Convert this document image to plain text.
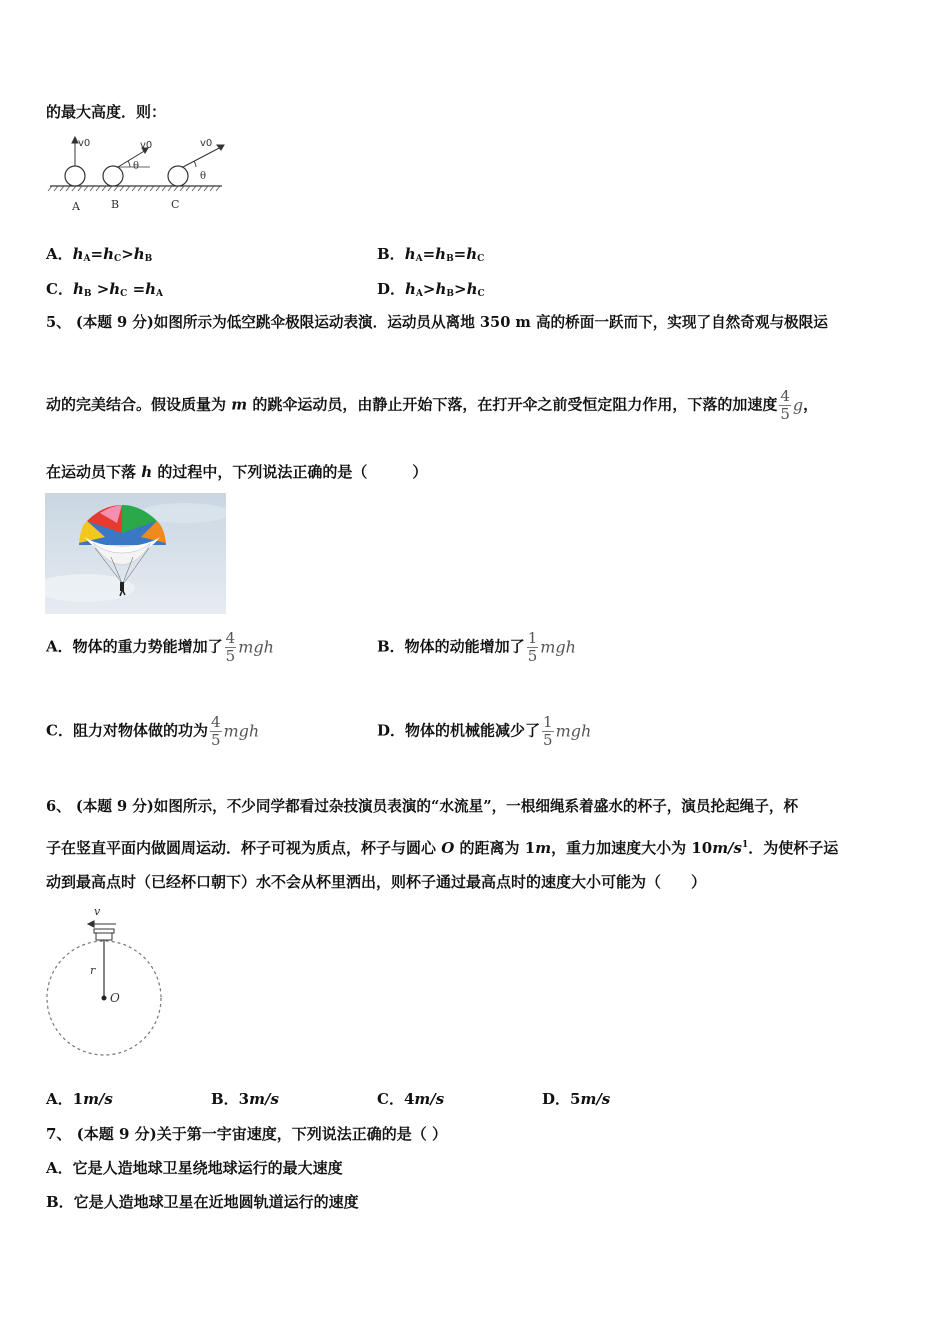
的最大高度．则：
v0	v0	v0
θ
θ
A	B	C
A．$h_A=h_C>h_B$	B．$h_A=h_B=h_C$
C．$h_B >h_C =h_A$	D．$h_A>h_B>h_C$
5、 (本题 9 分)如图所示为低空跳伞极限运动表演．运动员从离地 350 m 高的桥面一跃而下，实现了自然奇观与极限运
动的完美结合。假设质量为 m 的跳伞运动员，由静止开始下落，在打开伞之前受恒定阻力作用，下落的加速度 $\frac{4}{5}$ g，
在运动员下落 h 的过程中，下列说法正确的是（　　　）
A．物体的重力势能增加了 $\frac{4}{5}$ mgh	B．物体的动能增加了 $\frac{1}{5}$ mgh
C．阻力对物体做的功为 $\frac{4}{5}$ mgh	D．物体的机械能减少了 $\frac{1}{5}$ mgh
6、 (本题 9 分)如图所示，不少同学都看过杂技演员表演的“水流星”，一根细绳系着盛水的杯子，演员抡起绳子，杯
子在竖直平面内做圆周运动．杯子可视为质点，杯子与圆心 O 的距离为 1m，重力加速度大小为 $10m/s^1$．为使杯子运
动到最高点时（已经杯口朝下）水不会从杯里洒出，则杯子通过最高点时的速度大小可能为（　　）
v
r
O
A．1m/s	B．3m/s	C．4m/s	D．5m/s
7、 (本题 9 分)关于第一宇宙速度，下列说法正确的是（ ）
A．它是人造地球卫星绕地球运行的最大速度
B．它是人造地球卫星在近地圆轨道运行的速度
